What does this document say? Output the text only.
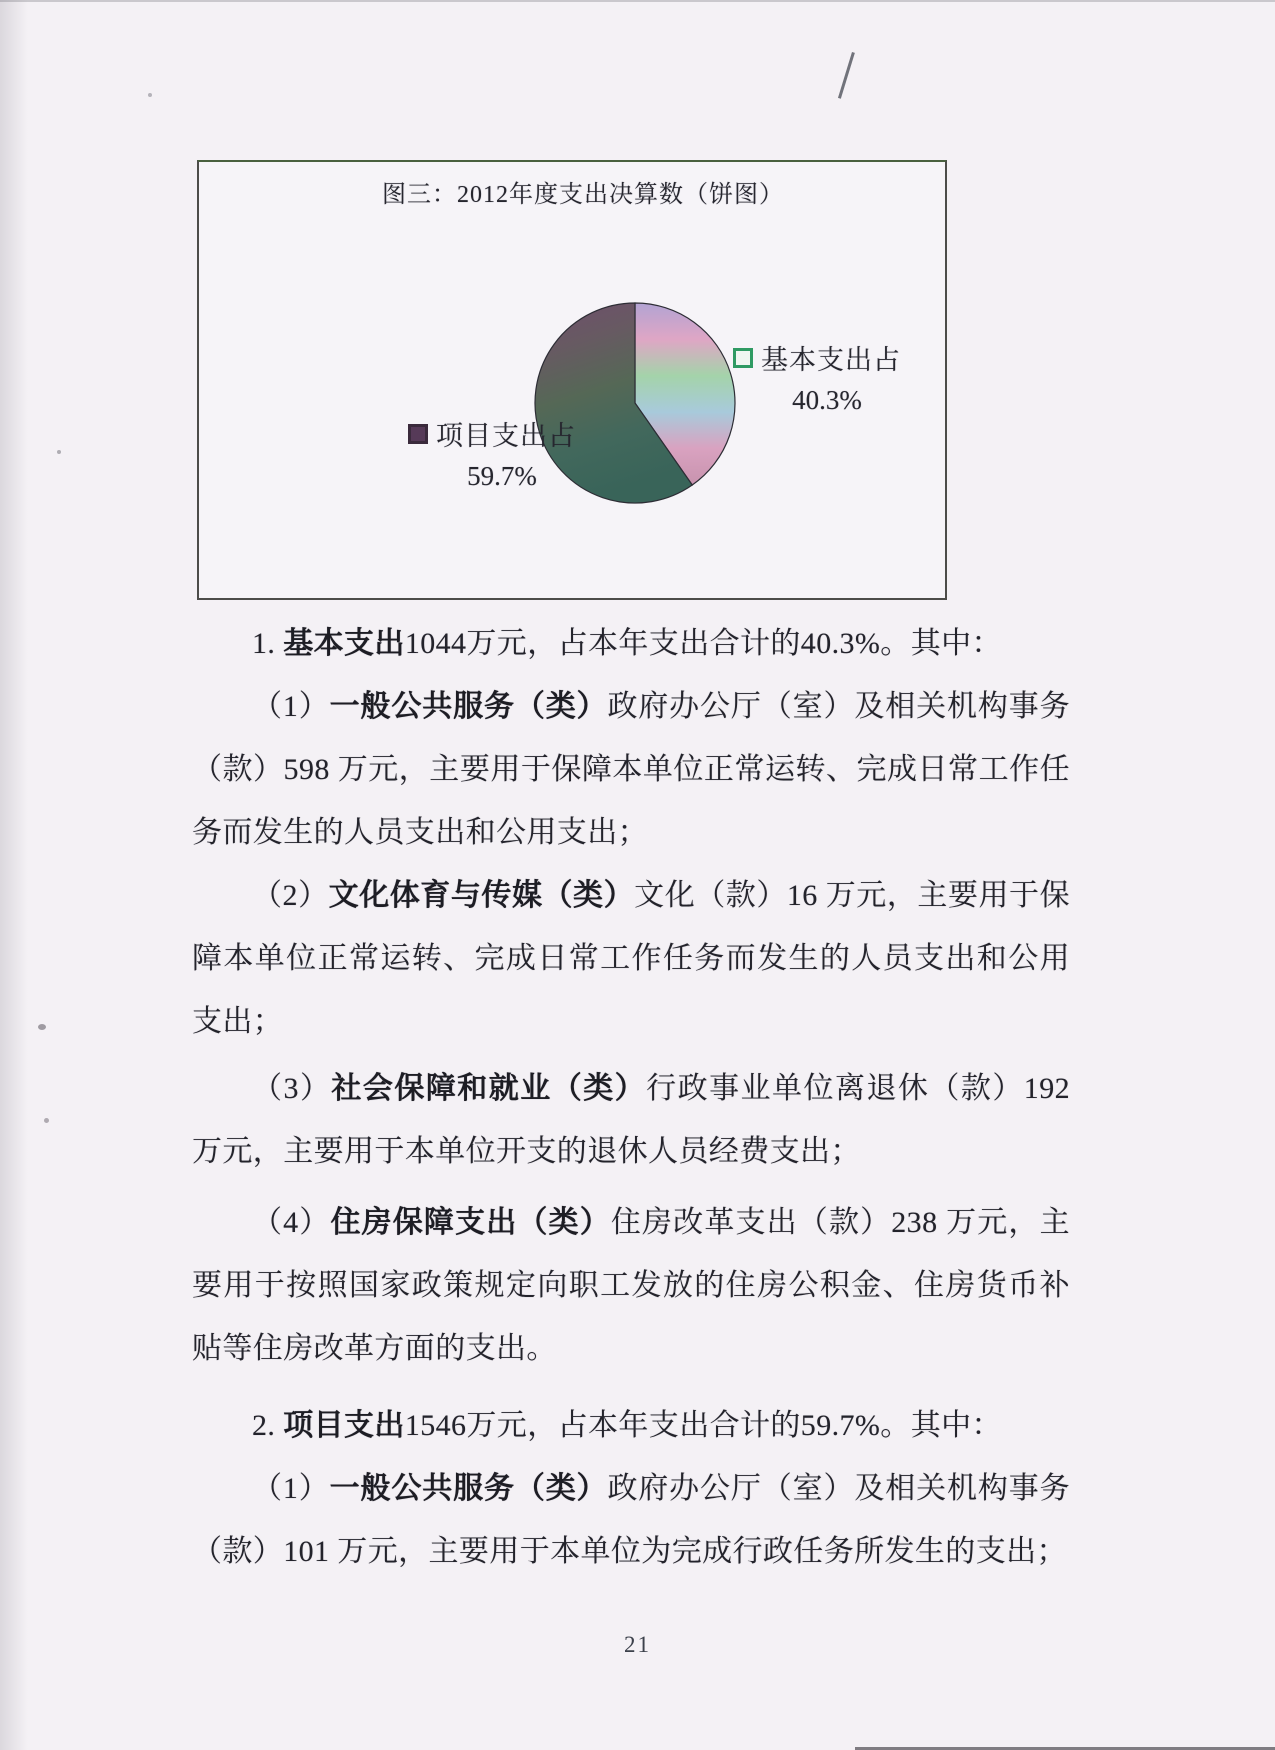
图三：2012年度支出决算数（饼图）
基本支出占
40.3%
项目支出占
59.7%
1. 基本支出1044万元，占本年支出合计的40.3%。其中：
（1）一般公共服务（类）政府办公厅（室）及相关机构事务（款）598 万元，主要用于保障本单位正常运转、完成日常工作任务而发生的人员支出和公用支出；
（2）文化体育与传媒（类）文化（款）16 万元，主要用于保障本单位正常运转、完成日常工作任务而发生的人员支出和公用支出；
（3）社会保障和就业（类）行政事业单位离退休（款）192万元，主要用于本单位开支的退休人员经费支出；
（4）住房保障支出（类）住房改革支出（款）238 万元，主要用于按照国家政策规定向职工发放的住房公积金、住房货币补贴等住房改革方面的支出。
2. 项目支出1546万元，占本年支出合计的59.7%。其中：
（1）一般公共服务（类）政府办公厅（室）及相关机构事务（款）101 万元，主要用于本单位为完成行政任务所发生的支出；
21
